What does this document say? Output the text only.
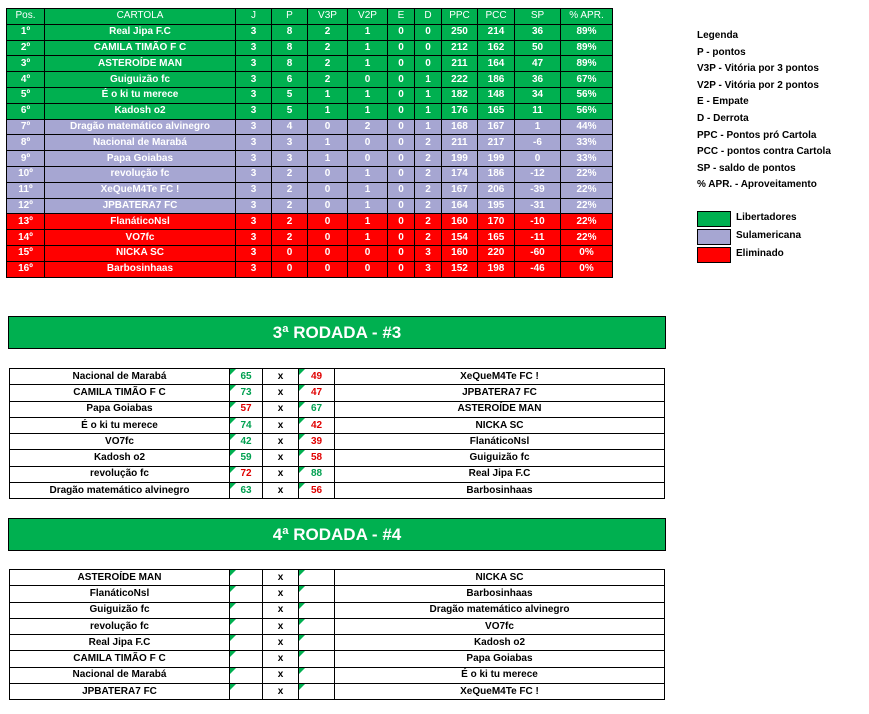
Pos.	CARTOLA	J	P	V3P	V2P	E	D	PPC	PCC	SP	% APR.
1º	Real Jipa F.C	3	8	2	1	0	0	250	214	36	89%
2º	CAMILA TIMÃO F C	3	8	2	1	0	0	212	162	50	89%
3º	ASTEROÍDE MAN	3	8	2	1	0	0	211	164	47	89%
4º	Guiguizão fc	3	6	2	0	0	1	222	186	36	67%
5º	É o ki tu merece	3	5	1	1	0	1	182	148	34	56%
6º	Kadosh o2	3	5	1	1	0	1	176	165	11	56%
7º	Dragão matemático alvinegro	3	4	0	2	0	1	168	167	1	44%
8º	Nacional de Marabá	3	3	1	0	0	2	211	217	-6	33%
9º	Papa Goiabas	3	3	1	0	0	2	199	199	0	33%
10º	revolução fc	3	2	0	1	0	2	174	186	-12	22%
11º	XeQueM4Te FC !	3	2	0	1	0	2	167	206	-39	22%
12º	JPBATERA7 FC	3	2	0	1	0	2	164	195	-31	22%
13º	FlanáticoNsl	3	2	0	1	0	2	160	170	-10	22%
14º	VO7fc	3	2	0	1	0	2	154	165	-11	22%
15º	NICKA SC	3	0	0	0	0	3	160	220	-60	0%
16º	Barbosinhaas	3	0	0	0	0	3	152	198	-46	0%
Legenda
P - pontos
V3P - Vitória por 3 pontos
V2P - Vitória por 2 pontos
E - Empate
D - Derrota
PPC - Pontos pró Cartola
PCC - pontos contra Cartola
SP - saldo de pontos
% APR. - Aproveitamento
Libertadores
Sulamericana
Eliminado
3ª RODADA - #3
Nacional de Marabá	65	x	49	XeQueM4Te FC !
CAMILA TIMÃO F C	73	x	47	JPBATERA7 FC
Papa Goiabas	57	x	67	ASTEROÍDE MAN
É o ki tu merece	74	x	42	NICKA SC
VO7fc	42	x	39	FlanáticoNsl
Kadosh o2	59	x	58	Guiguizão fc
revolução fc	72	x	88	Real Jipa F.C
Dragão matemático alvinegro	63	x	56	Barbosinhaas
4ª RODADA - #4
ASTEROÍDE MAN		x		NICKA SC
FlanáticoNsl		x		Barbosinhaas
Guiguizão fc		x		Dragão matemático alvinegro
revolução fc		x		VO7fc
Real Jipa F.C		x		Kadosh o2
CAMILA TIMÃO F C		x		Papa Goiabas
Nacional de Marabá		x		É o ki tu merece
JPBATERA7 FC		x		XeQueM4Te FC !
